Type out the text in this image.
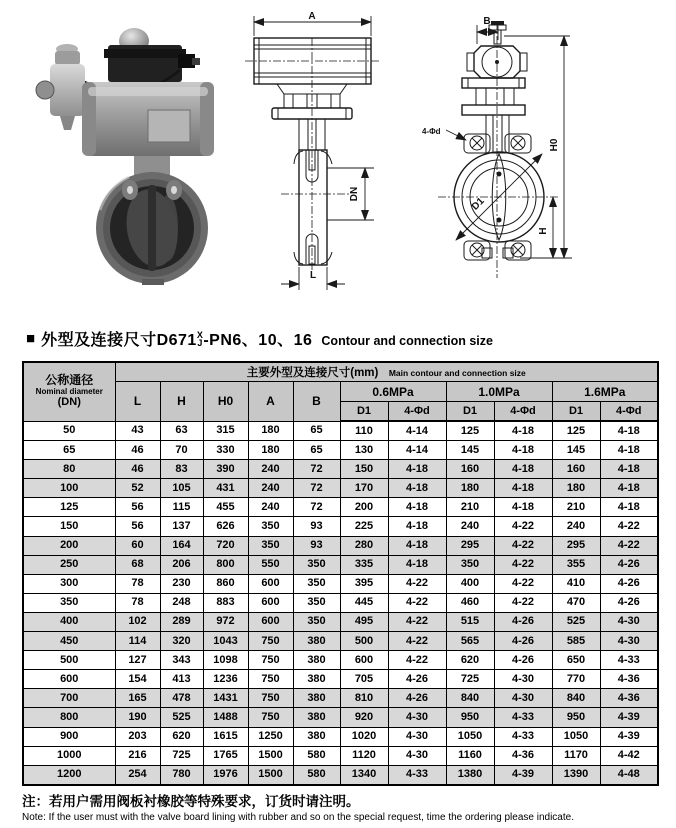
A
DN
L
B
4-Φd
D1
H0
H
■ 外型及连接尺寸D671 X
J -PN6、10、16 Contour and connection size
公称通径
Nominal diameter
(DN)	主要外型及连接尺寸(mm) Main contour and connection size										
	L	H	H0	A	B	0.6MPa		1.0MPa		1.6MPa	
						D1	4-Φd	D1	4-Φd	D1	4-Φd
50	43	63	315	180	65	110	4-14	125	4-18	125	4-18
65	46	70	330	180	65	130	4-14	145	4-18	145	4-18
80	46	83	390	240	72	150	4-18	160	4-18	160	4-18
100	52	105	431	240	72	170	4-18	180	4-18	180	4-18
125	56	115	455	240	72	200	4-18	210	4-18	210	4-18
150	56	137	626	350	93	225	4-18	240	4-22	240	4-22
200	60	164	720	350	93	280	4-18	295	4-22	295	4-22
250	68	206	800	550	350	335	4-18	350	4-22	355	4-26
300	78	230	860	600	350	395	4-22	400	4-22	410	4-26
350	78	248	883	600	350	445	4-22	460	4-22	470	4-26
400	102	289	972	600	350	495	4-22	515	4-26	525	4-30
450	114	320	1043	750	380	500	4-22	565	4-26	585	4-30
500	127	343	1098	750	380	600	4-22	620	4-26	650	4-33
600	154	413	1236	750	380	705	4-26	725	4-30	770	4-36
700	165	478	1431	750	380	810	4-26	840	4-30	840	4-36
800	190	525	1488	750	380	920	4-30	950	4-33	950	4-39
900	203	620	1615	1250	380	1020	4-30	1050	4-33	1050	4-39
1000	216	725	1765	1500	580	1120	4-30	1160	4-36	1170	4-42
1200	254	780	1976	1500	580	1340	4-33	1380	4-39	1390	4-48

注：若用户需用阀板衬橡胶等特殊要求，订货时请注明。

Note: If the user must with the valve board lining with rubber and so on the special request, time the ordering please indicate.
